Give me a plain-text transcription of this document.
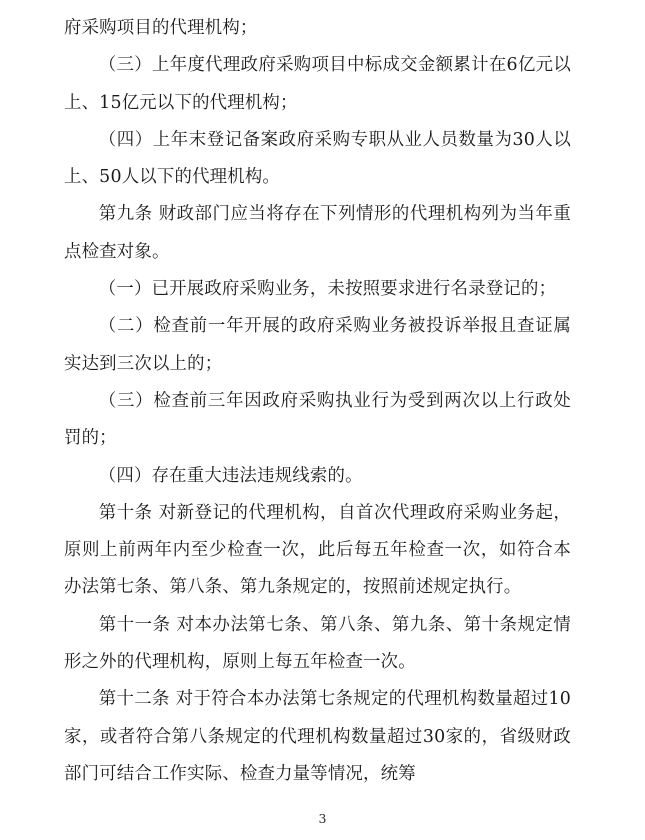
府采购项目的代理机构；

（三）上年度代理政府采购项目中标成交金额累计在6亿元以上、15亿元以下的代理机构；

（四）上年末登记备案政府采购专职从业人员数量为30人以上、50人以下的代理机构。

第九条 财政部门应当将存在下列情形的代理机构列为当年重点检查对象。

（一）已开展政府采购业务，未按照要求进行名录登记的；

（二）检查前一年开展的政府采购业务被投诉举报且查证属实达到三次以上的；

（三）检查前三年因政府采购执业行为受到两次以上行政处罚的；

（四）存在重大违法违规线索的。

第十条 对新登记的代理机构，自首次代理政府采购业务起，原则上前两年内至少检查一次，此后每五年检查一次，如符合本办法第七条、第八条、第九条规定的，按照前述规定执行。

第十一条 对本办法第七条、第八条、第九条、第十条规定情形之外的代理机构，原则上每五年检查一次。

第十二条 对于符合本办法第七条规定的代理机构数量超过10家，或者符合第八条规定的代理机构数量超过30家的，省级财政部门可结合工作实际、检查力量等情况，统筹

3
